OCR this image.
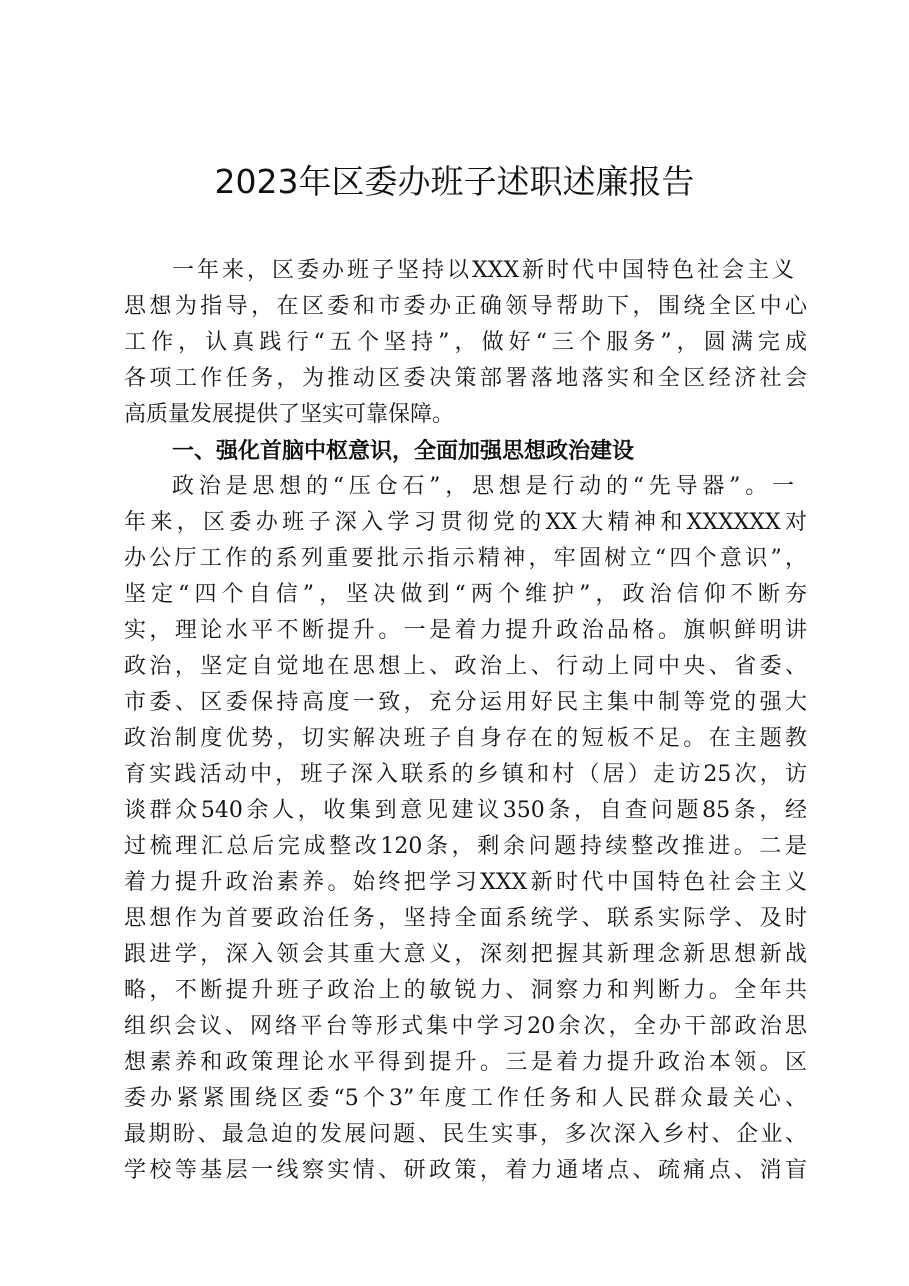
2023年区委办班子述职述廉报告

一年来，区委办班子坚持以XXX新时代中国特色社会主义

思想为指导，在区委和市委办正确领导帮助下，围绕全区中心

工作，认真践行“五个坚持”，做好“三个服务”，圆满完成

各项工作任务，为推动区委决策部署落地落实和全区经济社会

高质量发展提供了坚实可靠保障。

一、强化首脑中枢意识，全面加强思想政治建设

政治是思想的“压仓石”，思想是行动的“先导器”。一

年来，区委办班子深入学习贯彻党的XX大精神和XXXXXX对

办公厅工作的系列重要批示指示精神，牢固树立“四个意识”，

坚定“四个自信”，坚决做到“两个维护”，政治信仰不断夯

实，理论水平不断提升。一是着力提升政治品格。旗帜鲜明讲

政治，坚定自觉地在思想上、政治上、行动上同中央、省委、

市委、区委保持高度一致，充分运用好民主集中制等党的强大

政治制度优势，切实解决班子自身存在的短板不足。在主题教

育实践活动中，班子深入联系的乡镇和村（居）走访25次，访

谈群众540余人，收集到意见建议350条，自查问题85条，经

过梳理汇总后完成整改120条，剩余问题持续整改推进。二是

着力提升政治素养。始终把学习XXX新时代中国特色社会主义

思想作为首要政治任务，坚持全面系统学、联系实际学、及时

跟进学，深入领会其重大意义，深刻把握其新理念新思想新战

略，不断提升班子政治上的敏锐力、洞察力和判断力。全年共

组织会议、网络平台等形式集中学习20余次，全办干部政治思

想素养和政策理论水平得到提升。三是着力提升政治本领。区

委办紧紧围绕区委“5个3”年度工作任务和人民群众最关心、

最期盼、最急迫的发展问题、民生实事，多次深入乡村、企业、

学校等基层一线察实情、研政策，着力通堵点、疏痛点、消盲
